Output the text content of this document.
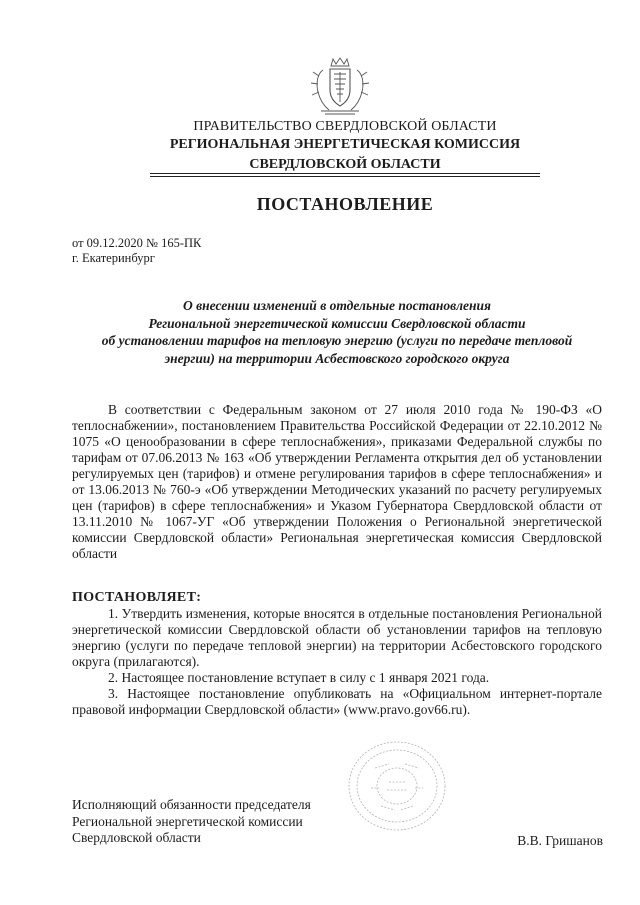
ПРАВИТЕЛЬСТВО СВЕРДЛОВСКОЙ ОБЛАСТИ
РЕГИОНАЛЬНАЯ ЭНЕРГЕТИЧЕСКАЯ КОМИССИЯ
СВЕРДЛОВСКОЙ ОБЛАСТИ
ПОСТАНОВЛЕНИЕ
от 09.12.2020 № 165-ПК
г. Екатеринбург
О внесении изменений в отдельные постановления
Региональной энергетической комиссии Свердловской области
об установлении тарифов на тепловую энергию (услуги по передаче тепловой
энергии) на территории Асбестовского городского округа
В соответствии с Федеральным законом от 27 июля 2010 года № 190-ФЗ «О теплоснабжении», постановлением Правительства Российской Федерации от 22.10.2012 № 1075 «О ценообразовании в сфере теплоснабжения», приказами Федеральной службы по тарифам от 07.06.2013 № 163 «Об утверждении Регламента открытия дел об установлении регулируемых цен (тарифов) и отмене регулирования тарифов в сфере теплоснабжения» и от 13.06.2013 № 760-э «Об утверждении Методических указаний по расчету регулируемых цен (тарифов) в сфере теплоснабжения» и Указом Губернатора Свердловской области от 13.11.2010 № 1067-УГ «Об утверждении Положения о Региональной энергетической комиссии Свердловской области» Региональная энергетическая комиссия Свердловской области
ПОСТАНОВЛЯЕТ:

1. Утвердить изменения, которые вносятся в отдельные постановления Региональной энергетической комиссии Свердловской области об установлении тарифов на тепловую энергию (услуги по передаче тепловой энергии) на территории Асбестовского городского округа (прилагаются).

2. Настоящее постановление вступает в силу с 1 января 2021 года.

3. Настоящее постановление опубликовать на «Официальном интернет-портале правовой информации Свердловской области» (www.pravo.gov66.ru).

Исполняющий обязанности председателя
Региональной энергетической комиссии
Свердловской области	В.В. Гришанов
